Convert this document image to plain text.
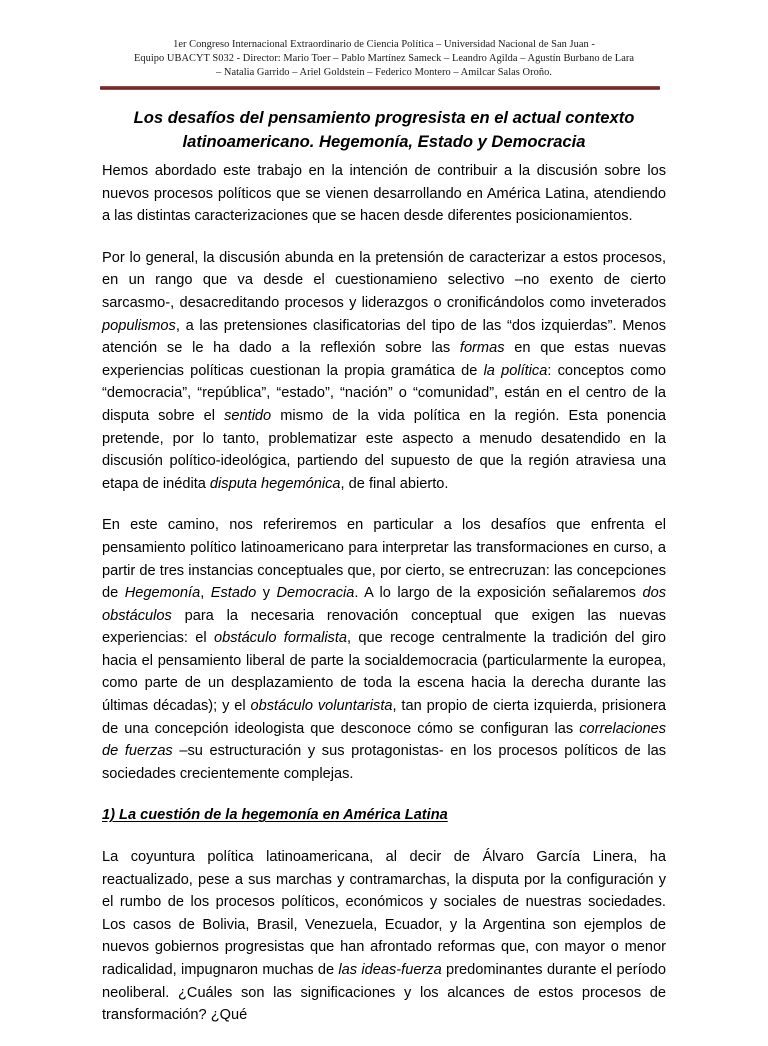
1er Congreso Internacional Extraordinario de Ciencia Política – Universidad Nacional de San Juan -
Equipo UBACYT S032 - Director: Mario Toer – Pablo Martínez Sameck – Leandro Agilda – Agustín Burbano de Lara
– Natalia Garrido – Ariel Goldstein – Federico Montero – Amilcar Salas Oroño.
Los desafíos del pensamiento progresista en el actual contexto latinoamericano. Hegemonía, Estado y Democracia

Hemos abordado este trabajo en la intención de contribuir a la discusión sobre los nuevos procesos políticos que se vienen desarrollando en América Latina, atendiendo a las distintas caracterizaciones que se hacen desde diferentes posicionamientos.

Por lo general, la discusión abunda en la pretensión de caracterizar a estos procesos, en un rango que va desde el cuestionamieno selectivo –no exento de cierto sarcasmo-, desacreditando procesos y liderazgos o cronificándolos como inveterados populismos, a las pretensiones clasificatorias del tipo de las “dos izquierdas”. Menos atención se le ha dado a la reflexión sobre las formas en que estas nuevas experiencias políticas cuestionan la propia gramática de la política: conceptos como “democracia”, “república”, “estado”, “nación” o “comunidad”, están en el centro de la disputa sobre el sentido mismo de la vida política en la región. Esta ponencia pretende, por lo tanto, problematizar este aspecto a menudo desatendido en la discusión político-ideológica, partiendo del supuesto de que la región atraviesa una etapa de inédita disputa hegemónica, de final abierto.

En este camino, nos referiremos en particular a los desafíos que enfrenta el pensamiento político latinoamericano para interpretar las transformaciones en curso, a partir de tres instancias conceptuales que, por cierto, se entrecruzan: las concepciones de Hegemonía, Estado y Democracia. A lo largo de la exposición señalaremos dos obstáculos para la necesaria renovación conceptual que exigen las nuevas experiencias: el obstáculo formalista, que recoge centralmente la tradición del giro hacia el pensamiento liberal de parte la socialdemocracia (particularmente la europea, como parte de un desplazamiento de toda la escena hacia la derecha durante las últimas décadas); y el obstáculo voluntarista, tan propio de cierta izquierda, prisionera de una concepción ideologista que desconoce cómo se configuran las correlaciones de fuerzas –su estructuración y sus protagonistas- en los procesos políticos de las sociedades crecientemente complejas.

1) La cuestión de la hegemonía en América Latina

La coyuntura política latinoamericana, al decir de Álvaro García Linera, ha reactualizado, pese a sus marchas y contramarchas, la disputa por la configuración y el rumbo de los procesos políticos, económicos y sociales de nuestras sociedades. Los casos de Bolivia, Brasil, Venezuela, Ecuador, y la Argentina son ejemplos de nuevos gobiernos progresistas que han afrontado reformas que, con mayor o menor radicalidad, impugnaron muchas de las ideas-fuerza predominantes durante el período neoliberal. ¿Cuáles son las significaciones y los alcances de estos procesos de transformación? ¿Qué
